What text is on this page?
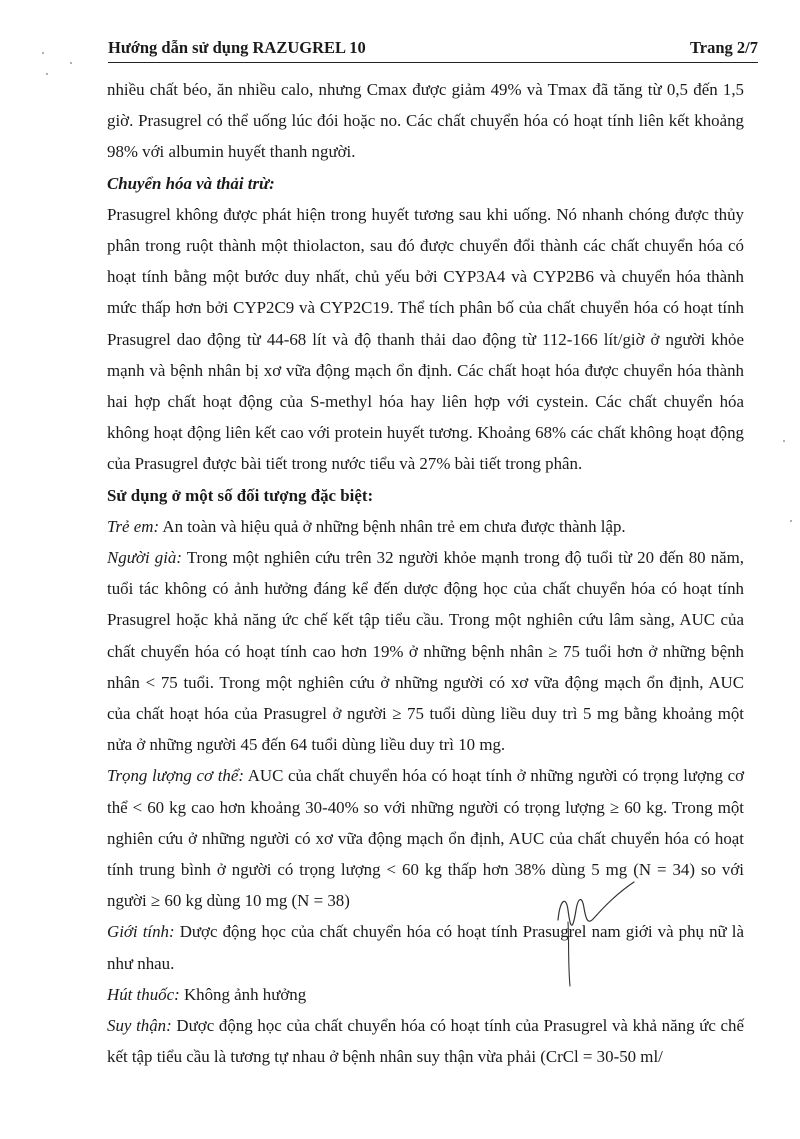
Hướng dẫn sử dụng RAZUGREL 10	Trang 2/7

nhiều chất béo, ăn nhiều calo, nhưng Cmax được giảm 49% và Tmax đã tăng từ 0,5 đến 1,5 giờ. Prasugrel có thể uống lúc đói hoặc no. Các chất chuyển hóa có hoạt tính liên kết khoảng 98% với albumin huyết thanh người.

Chuyển hóa và thải trừ:

Prasugrel không được phát hiện trong huyết tương sau khi uống. Nó nhanh chóng được thủy phân trong ruột thành một thiolacton, sau đó được chuyển đổi thành các chất chuyển hóa có hoạt tính bằng một bước duy nhất, chủ yếu bởi CYP3A4 và CYP2B6 và chuyển hóa thành mức thấp hơn bởi CYP2C9 và CYP2C19. Thể tích phân bố của chất chuyển hóa có hoạt tính Prasugrel dao động từ 44-68 lít và độ thanh thải dao động từ 112-166 lít/giờ ở người khỏe mạnh và bệnh nhân bị xơ vữa động mạch ổn định. Các chất hoạt hóa được chuyển hóa thành hai hợp chất hoạt động của S-methyl hóa hay liên hợp với cystein. Các chất chuyển hóa không hoạt động liên kết cao với protein huyết tương. Khoảng 68% các chất không hoạt động của Prasugrel được bài tiết trong nước tiểu và 27% bài tiết trong phân.

Sử dụng ở một số đối tượng đặc biệt:

Trẻ em: An toàn và hiệu quả ở những bệnh nhân trẻ em chưa được thành lập.

Người già: Trong một nghiên cứu trên 32 người khỏe mạnh trong độ tuổi từ 20 đến 80 năm, tuổi tác không có ảnh hưởng đáng kể đến dược động học của chất chuyển hóa có hoạt tính Prasugrel hoặc khả năng ức chế kết tập tiểu cầu. Trong một nghiên cứu lâm sàng, AUC của chất chuyển hóa có hoạt tính cao hơn 19% ở những bệnh nhân ≥ 75 tuổi hơn ở những bệnh nhân < 75 tuổi. Trong một nghiên cứu ở những người có xơ vữa động mạch ổn định, AUC của chất hoạt hóa của Prasugrel ở người ≥ 75 tuổi dùng liều duy trì 5 mg bằng khoảng một nửa ở những người 45 đến 64 tuổi dùng liều duy trì 10 mg.

Trọng lượng cơ thể: AUC của chất chuyển hóa có hoạt tính ở những người có trọng lượng cơ thể < 60 kg cao hơn khoảng 30-40% so với những người có trọng lượng ≥ 60 kg. Trong một nghiên cứu ở những người có xơ vữa động mạch ổn định, AUC của chất chuyển hóa có hoạt tính trung bình ở người có trọng lượng < 60 kg thấp hơn 38% dùng 5 mg (N = 34) so với người ≥ 60 kg dùng 10 mg (N = 38)

Giới tính: Dược động học của chất chuyển hóa có hoạt tính Prasugrel nam giới và phụ nữ là như nhau.

Hút thuốc: Không ảnh hưởng

Suy thận: Dược động học của chất chuyển hóa có hoạt tính của Prasugrel và khả năng ức chế kết tập tiểu cầu là tương tự nhau ở bệnh nhân suy thận vừa phải (CrCl = 30-50 ml/
